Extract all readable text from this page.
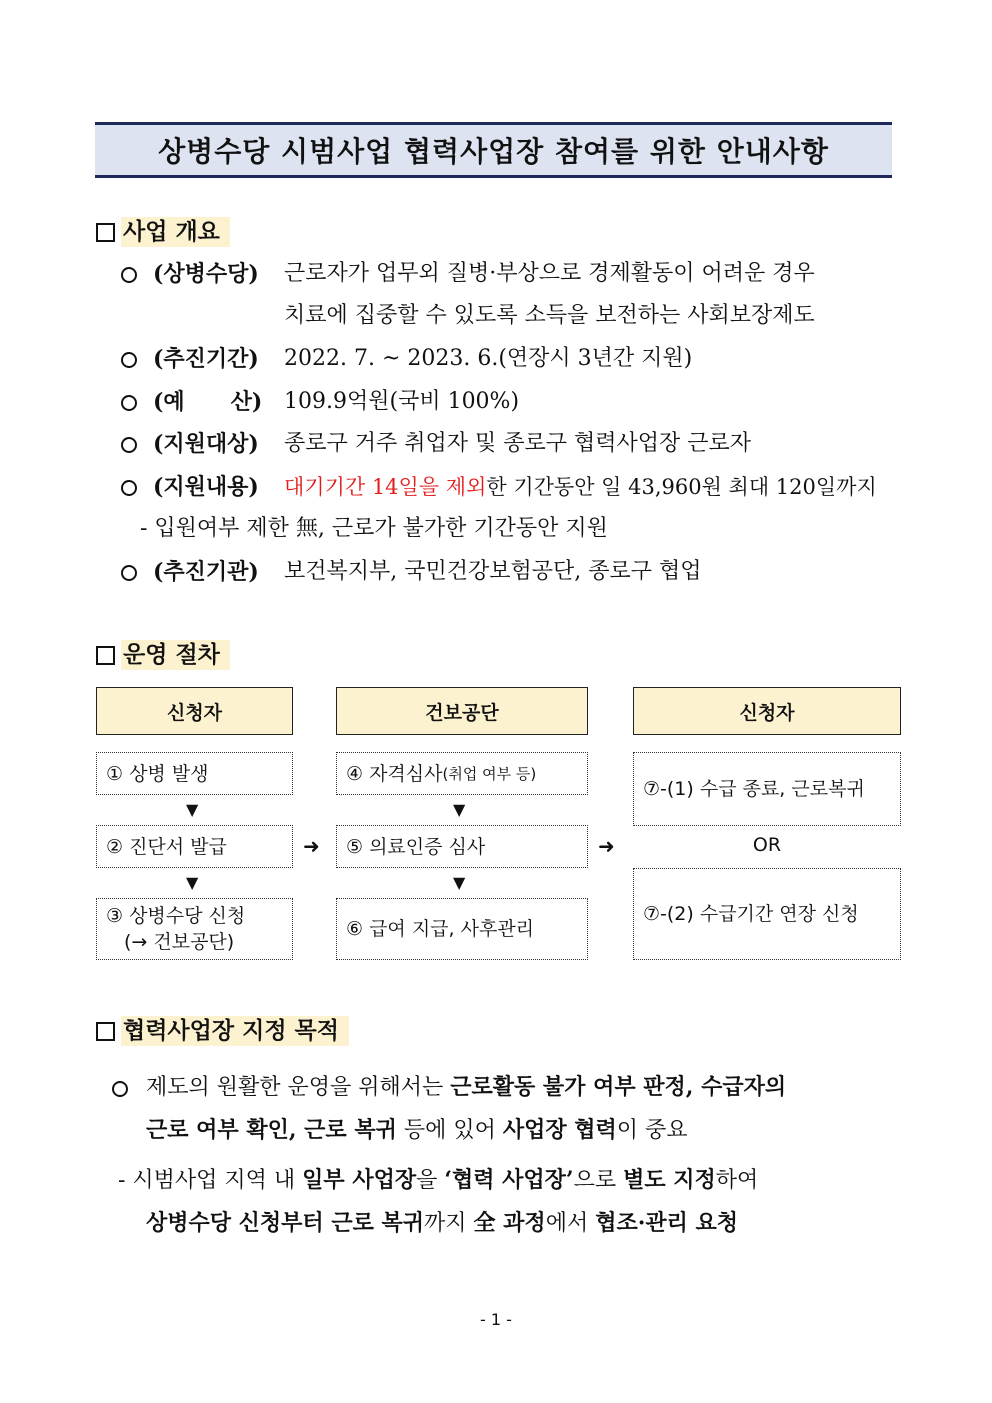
상병수당 시범사업 협력사업장 참여를 위한 안내사항
사업 개요
(상병수당) 근로자가 업무외 질병·부상으로 경제활동이 어려운 경우
치료에 집중할 수 있도록 소득을 보전하는 사회보장제도
(추진기간) 2022. 7. ~ 2023. 6.(연장시 3년간 지원)
(예      산) 109.9억원(국비 100%)
(지원대상) 종로구 거주 취업자 및 종로구 협력사업장 근로자
(지원내용) 대기기간 14일을 제외한 기간동안 일 43,960원 최대 120일까지
- 입원여부 제한 無, 근로가 불가한 기간동안 지원
(추진기관) 보건복지부, 국민건강보험공단, 종로구 협업
운영 절차
신청자	건보공단	신청자
① 상병 발생
▼
② 진단서 발급
▼
③ 상병수당 신청
(→ 건보공단)
➜	➜
④ 자격심사 (취업 여부 등)
▼
⑤ 의료인증 심사
▼
⑥ 급여 지급, 사후관리
⑦-(1) 수급 종료, 근로복귀
OR
⑦-(2) 수급기간 연장 신청
협력사업장 지정 목적
제도의 원활한 운영을 위해서는 근로활동 불가 여부 판정, 수급자의
근로 여부 확인, 근로 복귀 등에 있어 사업장 협력이 중요
- 시범사업 지역 내 일부 사업장을 ‘협력 사업장’으로 별도 지정하여
상병수당 신청부터 근로 복귀까지 全 과정에서 협조·관리 요청
- 1 -
